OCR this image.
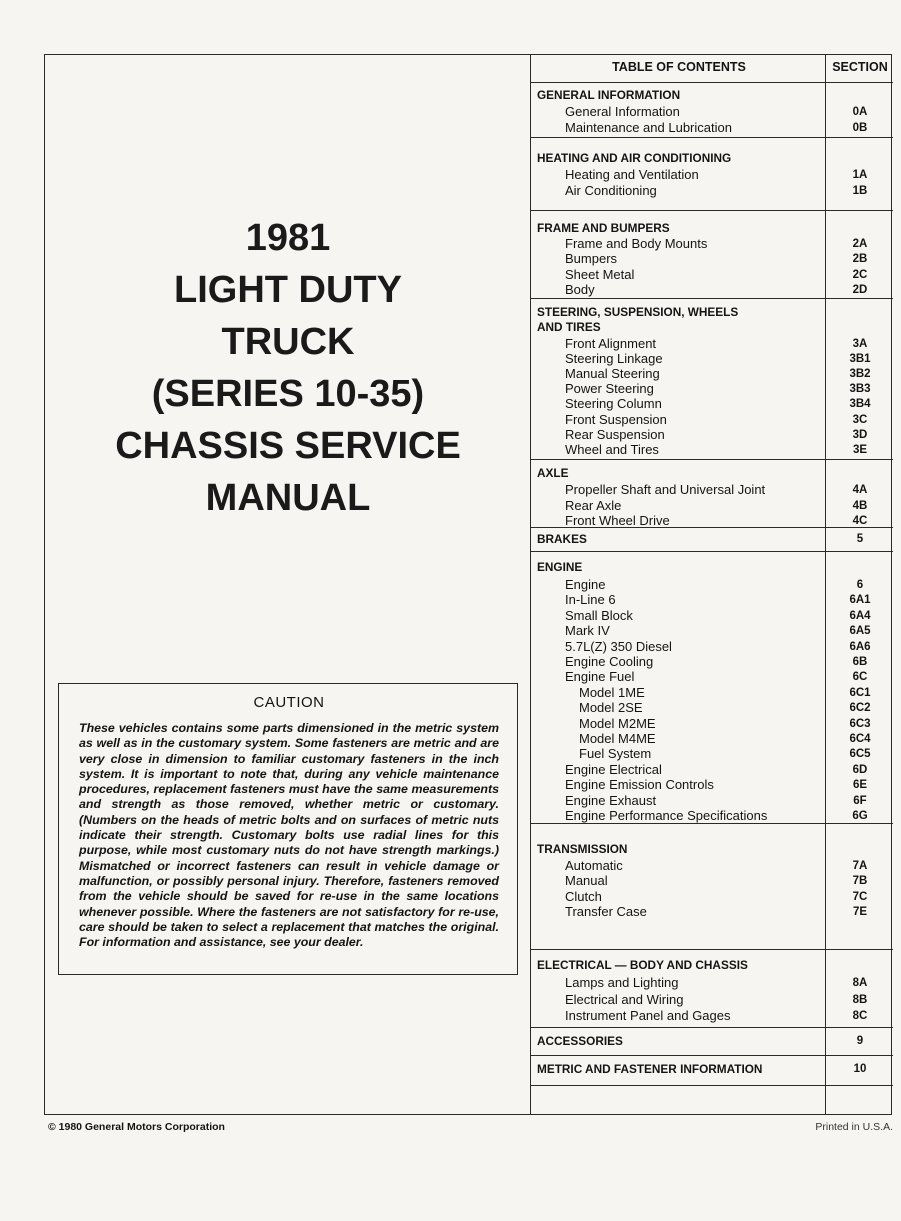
1981
LIGHT DUTY
TRUCK
(SERIES 10-35)
CHASSIS SERVICE
MANUAL
CAUTION
These vehicles contains some parts dimensioned in the metric system as well as in the customary system. Some fasteners are metric and are very close in dimension to familiar customary fasteners in the inch system. It is important to note that, during any vehicle maintenance procedures, replacement fasteners must have the same measurements and strength as those removed, whether metric or customary. (Numbers on the heads of metric bolts and on surfaces of metric nuts indicate their strength. Customary bolts use radial lines for this purpose, while most customary nuts do not have strength markings.) Mismatched or incorrect fasteners can result in vehicle damage or malfunction, or possibly personal injury. Therefore, fasteners removed from the vehicle should be saved for re-use in the same locations whenever possible. Where the fasteners are not satisfactory for re-use, care should be taken to select a replacement that matches the original. For information and assistance, see your dealer.
TABLE OF CONTENTS	SECTION
GENERAL INFORMATION
General Information	0A
Maintenance and Lubrication	0B
HEATING AND AIR CONDITIONING
Heating and Ventilation	1A
Air Conditioning	1B
FRAME AND BUMPERS
Frame and Body Mounts	2A
Bumpers	2B
Sheet Metal	2C
Body	2D
STEERING, SUSPENSION, WHEELS AND TIRES
Front Alignment	3A
Steering Linkage	3B1
Manual Steering	3B2
Power Steering	3B3
Steering Column	3B4
Front Suspension	3C
Rear Suspension	3D
Wheel and Tires	3E
AXLE
Propeller Shaft and Universal Joint	4A
Rear Axle	4B
Front Wheel Drive	4C
BRAKES	5
ENGINE
Engine	6
In-Line 6	6A1
Small Block	6A4
Mark IV	6A5
5.7L(Z) 350 Diesel	6A6
Engine Cooling	6B
Engine Fuel	6C
Model 1ME	6C1
Model 2SE	6C2
Model M2ME	6C3
Model M4ME	6C4
Fuel System	6C5
Engine Electrical	6D
Engine Emission Controls	6E
Engine Exhaust	6F
Engine Performance Specifications	6G
TRANSMISSION
Automatic	7A
Manual	7B
Clutch	7C
Transfer Case	7E
ELECTRICAL — BODY AND CHASSIS
Lamps and Lighting	8A
Electrical and Wiring	8B
Instrument Panel and Gages	8C
ACCESSORIES	9
METRIC AND FASTENER INFORMATION	10
© 1980 General Motors Corporation	Printed in U.S.A.
